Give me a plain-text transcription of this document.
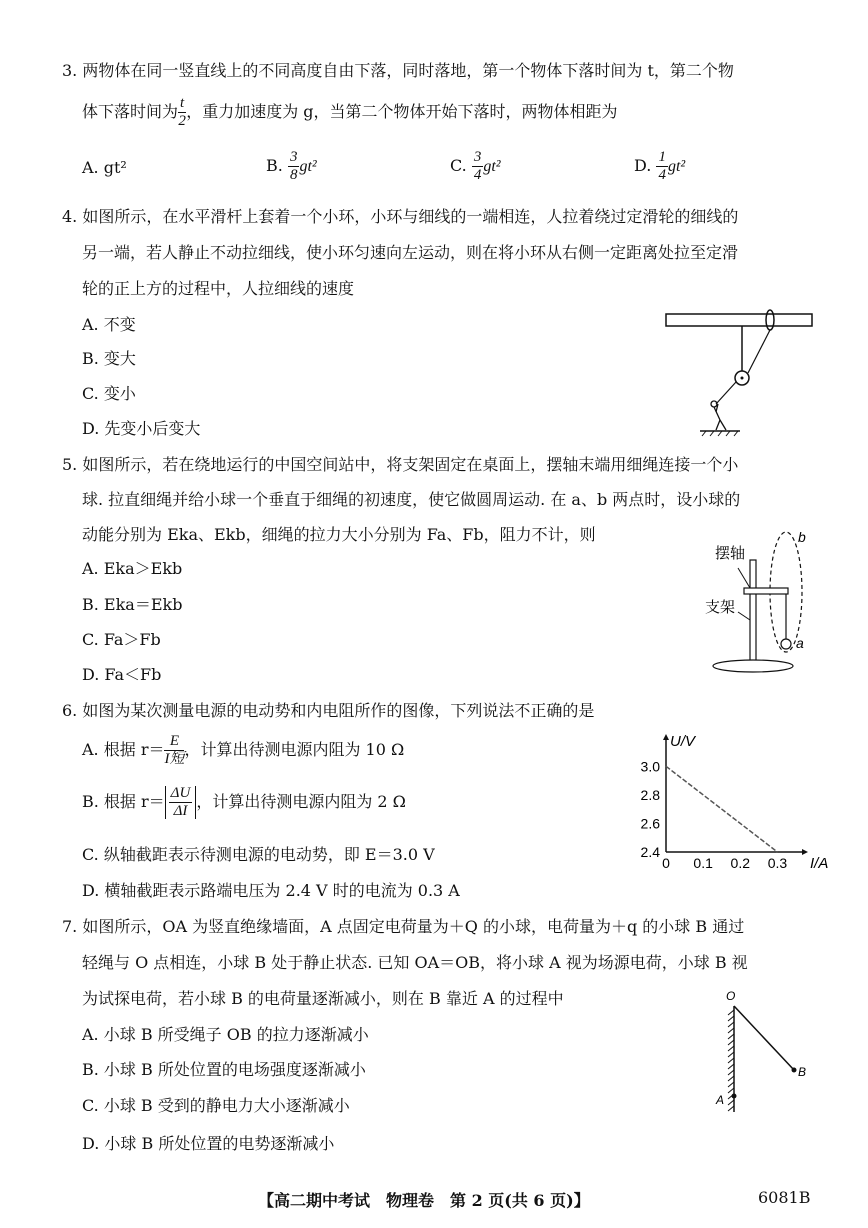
3. 两物体在同一竖直线上的不同高度自由下落，同时落地，第一个物体下落时间为 t，第二个物
体下落时间为 $\frac{t}{2}$ ，重力加速度为 g，当第二个物体开始下落时，两物体相距为
A. gt²	B. $\frac{3}{8} gt^2$	C. $\frac{3}{4} gt^2$	D. $\frac{1}{4} gt^2$
4. 如图所示，在水平滑杆上套着一个小环，小环与细线的一端相连，人拉着绕过定滑轮的细线的
另一端，若人静止不动拉细线，使小环匀速向左运动，则在将小环从右侧一定距离处拉至定滑
轮的正上方的过程中，人拉细线的速度
A. 不变
B. 变大
C. 变小
D. 先变小后变大
5. 如图所示，若在绕地运行的中国空间站中，将支架固定在桌面上，摆轴末端用细绳连接一个小
球. 拉直细绳并给小球一个垂直于细绳的初速度，使它做圆周运动. 在 a、b 两点时，设小球的
动能分别为 Eka、Ekb，细绳的拉力大小分别为 Fa、Fb，阻力不计，则
A. Eka＞Ekb
B. Eka＝Ekb
C. Fa＞Fb
D. Fa＜Fb
摆轴
支架
b
a
6. 如图为某次测量电源的电动势和内电阻所作的图像，下列说法不正确的是
A. 根据 $r= \frac{E}{\text{I短}}$ ，计算出待测电源内阻为 10 Ω
B. 根据 $r= \frac{\Delta U}{\Delta I}$ ，计算出待测电源内阻为 2 Ω
C. 纵轴截距表示待测电源的电动势，即 E＝3.0 V
D. 横轴截距表示路端电压为 2.4 V 时的电流为 0.3 A
0 0.1 0.2 0.3
2.4
2.6
2.8
3.0
I/A
U/V
7. 如图所示，OA 为竖直绝缘墙面，A 点固定电荷量为＋Q 的小球，电荷量为＋q 的小球 B 通过
轻绳与 O 点相连，小球 B 处于静止状态. 已知 OA＝OB，将小球 A 视为场源电荷，小球 B 视
为试探电荷，若小球 B 的电荷量逐渐减小，则在 B 靠近 A 的过程中
A. 小球 B 所受绳子 OB 的拉力逐渐减小
B. 小球 B 所处位置的电场强度逐渐减小
C. 小球 B 受到的静电力大小逐渐减小
D. 小球 B 所处位置的电势逐渐减小
O
A
B
【高二期中考试　物理卷　第 2 页(共 6 页)】	6081B
